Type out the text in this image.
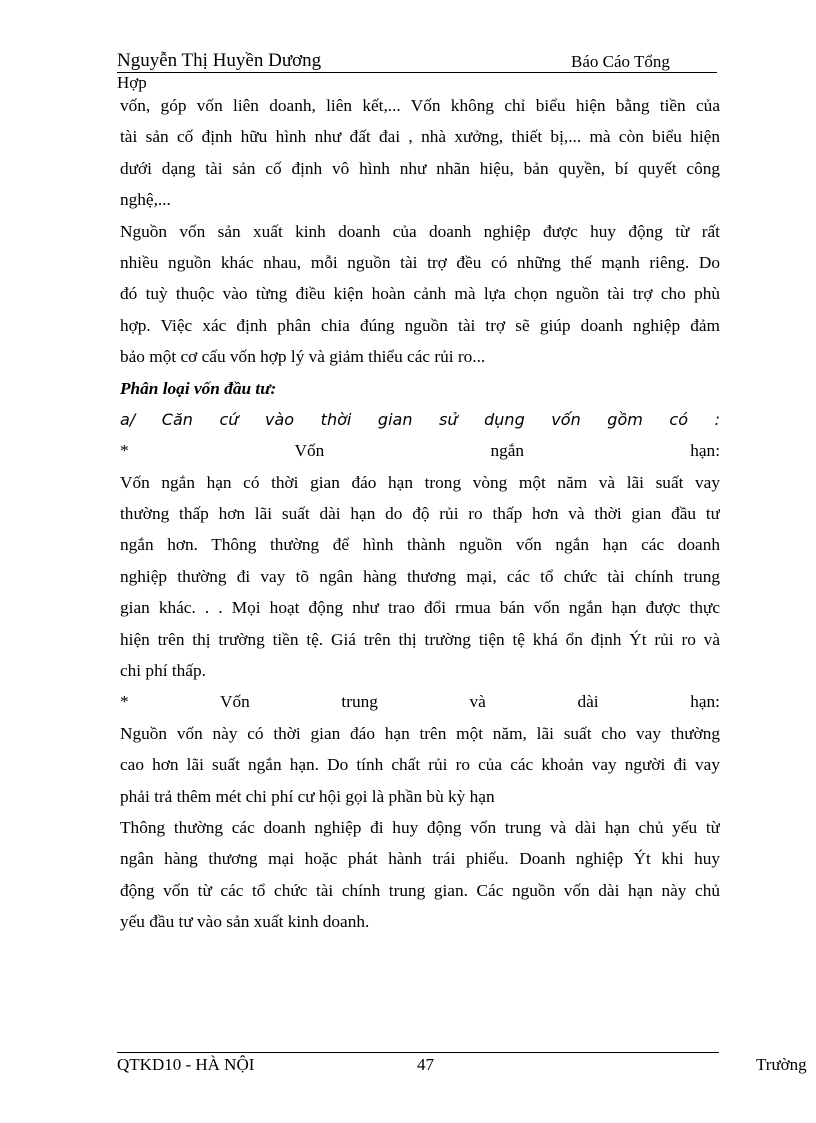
Nguyễn Thị Huyền Dương	Báo Cáo Tổng
Hợp
vốn, góp vốn liên doanh, liên kết,... Vốn không chỉ biểu hiện bằng tiền của
tài sản cố định hữu hình như đất đai , nhà xưởng, thiết bị,... mà còn biểu hiện
dưới dạng tài sản cố định vô hình như nhãn hiệu, bản quyền, bí quyết công
nghệ,...
Nguồn vốn sản xuất kinh doanh của doanh nghiệp được huy động từ rất
nhiều nguồn khác nhau, mỗi nguồn tài trợ đều có những thế mạnh riêng. Do
đó tuỳ thuộc vào từng điều kiện hoàn cảnh mà lựa chọn nguồn tài trợ cho phù
hợp. Việc xác định phân chia đúng nguồn tài trợ sẽ giúp doanh nghiệp đảm
bảo một cơ cấu vốn hợp lý và giảm thiểu các rủi ro...
Phân loại vốn đầu tư:
a/ Căn cứ vào thời gian sử dụng vốn gồm có :
* Vốn ngắn hạn:
Vốn ngắn hạn có thời gian đáo hạn trong vòng một năm và lãi suất vay
thường thấp hơn lãi suất dài hạn do độ rủi ro thấp hơn và thời gian đầu tư
ngắn hơn. Thông thường để hình thành nguồn vốn ngắn hạn các doanh
nghiệp thường đi vay tõ ngân hàng thương mại, các tổ chức tài chính trung
gian khác. . . Mọi hoạt động như trao đổi rmua bán vốn ngắn hạn được thực
hiện trên thị trường tiền tệ. Giá trên thị trường tiện tệ khá ổn định Ýt rủi ro và
chi phí thấp.
* Vốn trung và dài hạn:
Nguồn vốn này có thời gian đáo hạn trên một năm, lãi suất cho vay thường
cao hơn lãi suất ngắn hạn. Do tính chất rủi ro của các khoản vay người đi vay
phải trả thêm mét chi phí cư hội gọi là phần bù kỳ hạn
Thông thường các doanh nghiệp đi huy động vốn trung và dài hạn chủ yếu từ
ngân hàng thương mại hoặc phát hành trái phiếu. Doanh nghiệp Ýt khi huy
động vốn từ các tổ chức tài chính trung gian. Các nguồn vốn dài hạn này chủ
yếu đầu tư vào sản xuất kinh doanh.
QTKD10 - HÀ NỘI	47	Trường
